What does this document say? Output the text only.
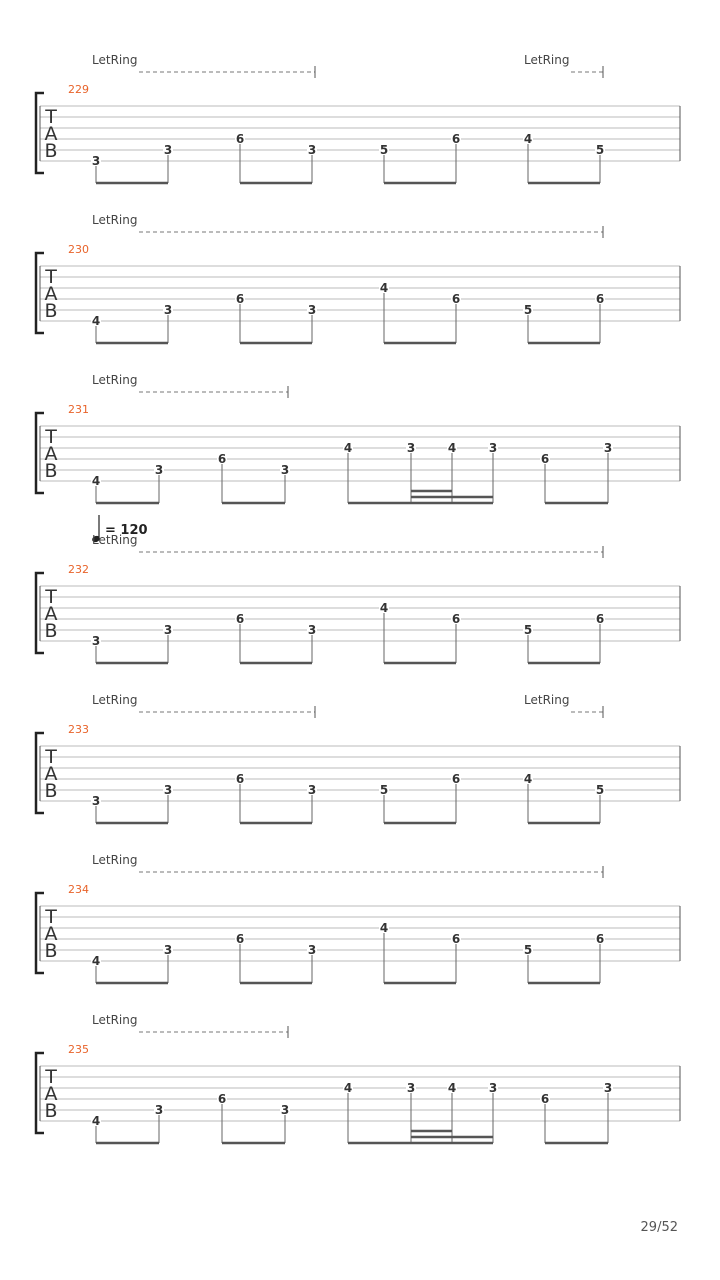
T
A
B
229
LetRing	LetRing
3
3
6
3	5
6	4
5
T
A
B
230
LetRing
4
3
6
3
4
6
5
6
T
A
B
231
LetRing
4
3
6
3
4	3	4	3
6
3
T
A
B
232
= 120
LetRing
3
3
6
3
4
6
5
6
T
A
B
233
LetRing	LetRing
3
3
6
3	5
6	4
5
T
A
B
234
LetRing
4
3
6
3
4
6
5
6
T
A
B
235
LetRing
4
3
6
3
4	3	4	3
6
3
29/52
